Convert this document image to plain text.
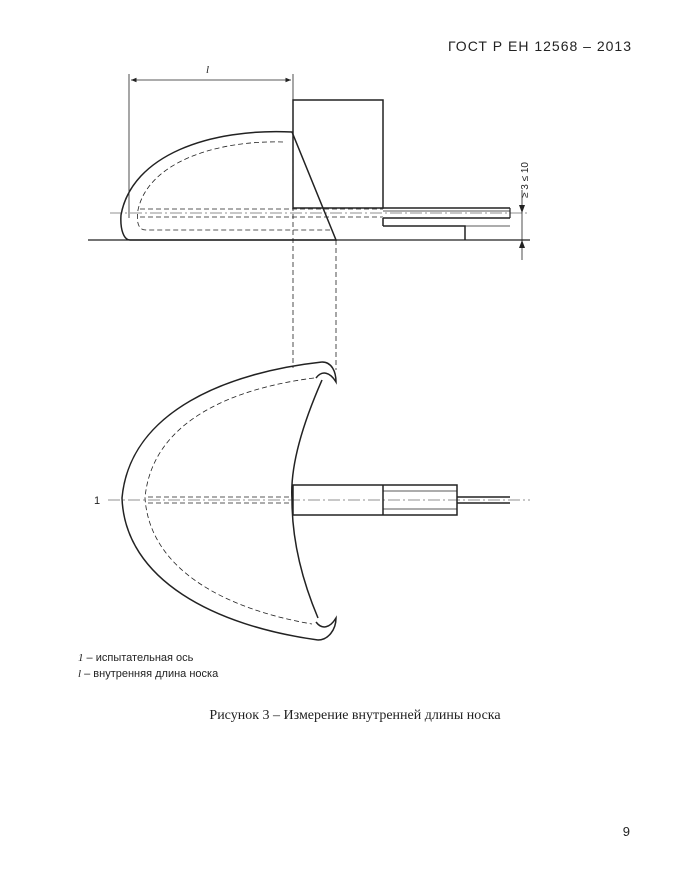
ГОСТ Р ЕН 12568 – 2013
l
≥ 3 ≤ 10
1
1 – испытательная ось
l – внутренняя длина носка
Рисунок 3 – Измерение внутренней длины носка
9
